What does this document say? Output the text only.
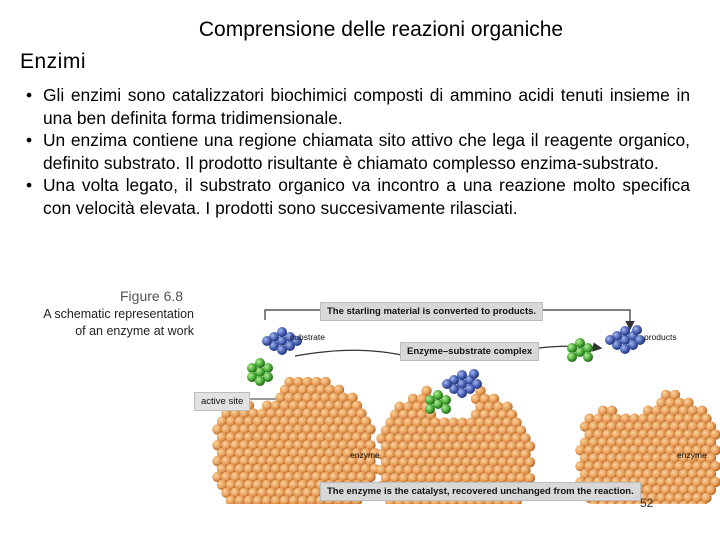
Comprensione delle reazioni organiche
Enzimi
• Gli enzimi sono catalizzatori biochimici composti di ammino acidi tenuti insieme in una ben definita forma tridimensionale.
• Un enzima contiene una regione chiamata sito attivo che lega il reagente organico, definito substrato. Il prodotto risultante è chiamato complesso enzima-substrato.
• Una volta legato, il substrato organico va incontro a una reazione molto specifica con velocità elevata. I prodotti sono succesivamente rilasciati.
Figure 6.8
A schematic representation
of an enzyme at work
The starling material is converted to products.
Enzyme–substrate complex
The enzyme is the catalyst, recovered unchanged from the reaction.
active site
substrate	products
enzyme	enzyme
52
